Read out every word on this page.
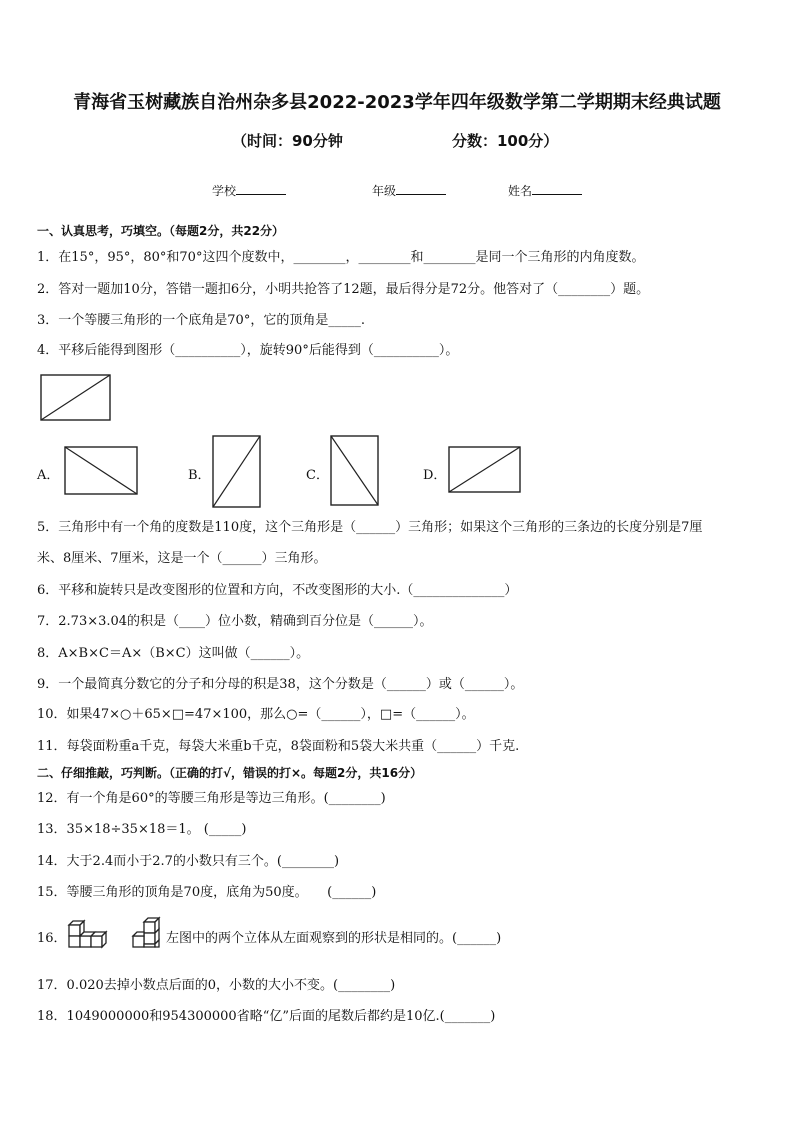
青海省玉树藏族自治州杂多县2022-2023学年四年级数学第二学期期末经典试题
（时间：90分钟	分数：100分）
学校	年级	姓名
一、认真思考，巧填空。（每题2分，共22分）
1．在15°，95°，80°和70°这四个度数中，________，________和________是同一个三角形的内角度数。
2．答对一题加10分，答错一题扣6分，小明共抢答了12题，最后得分是72分。他答对了（________）题。
3．一个等腰三角形的一个底角是70°，它的顶角是_____.
4．平移后能得到图形（__________），旋转90°后能得到（__________）。
A．	B．	C．	D．
5．三角形中有一个角的度数是110度，这个三角形是（______）三角形；如果这个三角形的三条边的长度分别是7厘
米、8厘米、7厘米，这是一个（______）三角形。
6．平移和旋转只是改变图形的位置和方向，不改变图形的大小.（______________）
7．2.73×3.04的积是（____）位小数，精确到百分位是（______）。
8．A×B×C＝A×（B×C）这叫做（______）。
9．一个最简真分数它的分子和分母的积是38，这个分数是（______）或（______）。
10．如果47×○＋65×□=47×100，那么○=（______），□=（______）。
11．每袋面粉重a千克，每袋大米重b千克，8袋面粉和5袋大米共重（______）千克.
二、仔细推敲，巧判断。（正确的打√，错误的打×。每题2分，共16分）
12．有一个角是60°的等腰三角形是等边三角形。(________)
13．35×18÷35×18＝1。 (_____)
14．大于2.4而小于2.7的小数只有三个。(________)
15．等腰三角形的顶角是70度，底角为50度。　　(______)
16．	左图中的两个立体从左面观察到的形状是相同的。(______)
17．0.020去掉小数点后面的0，小数的大小不变。(________)
18．1049000000和954300000省略“亿”后面的尾数后都约是10亿.(_______)
